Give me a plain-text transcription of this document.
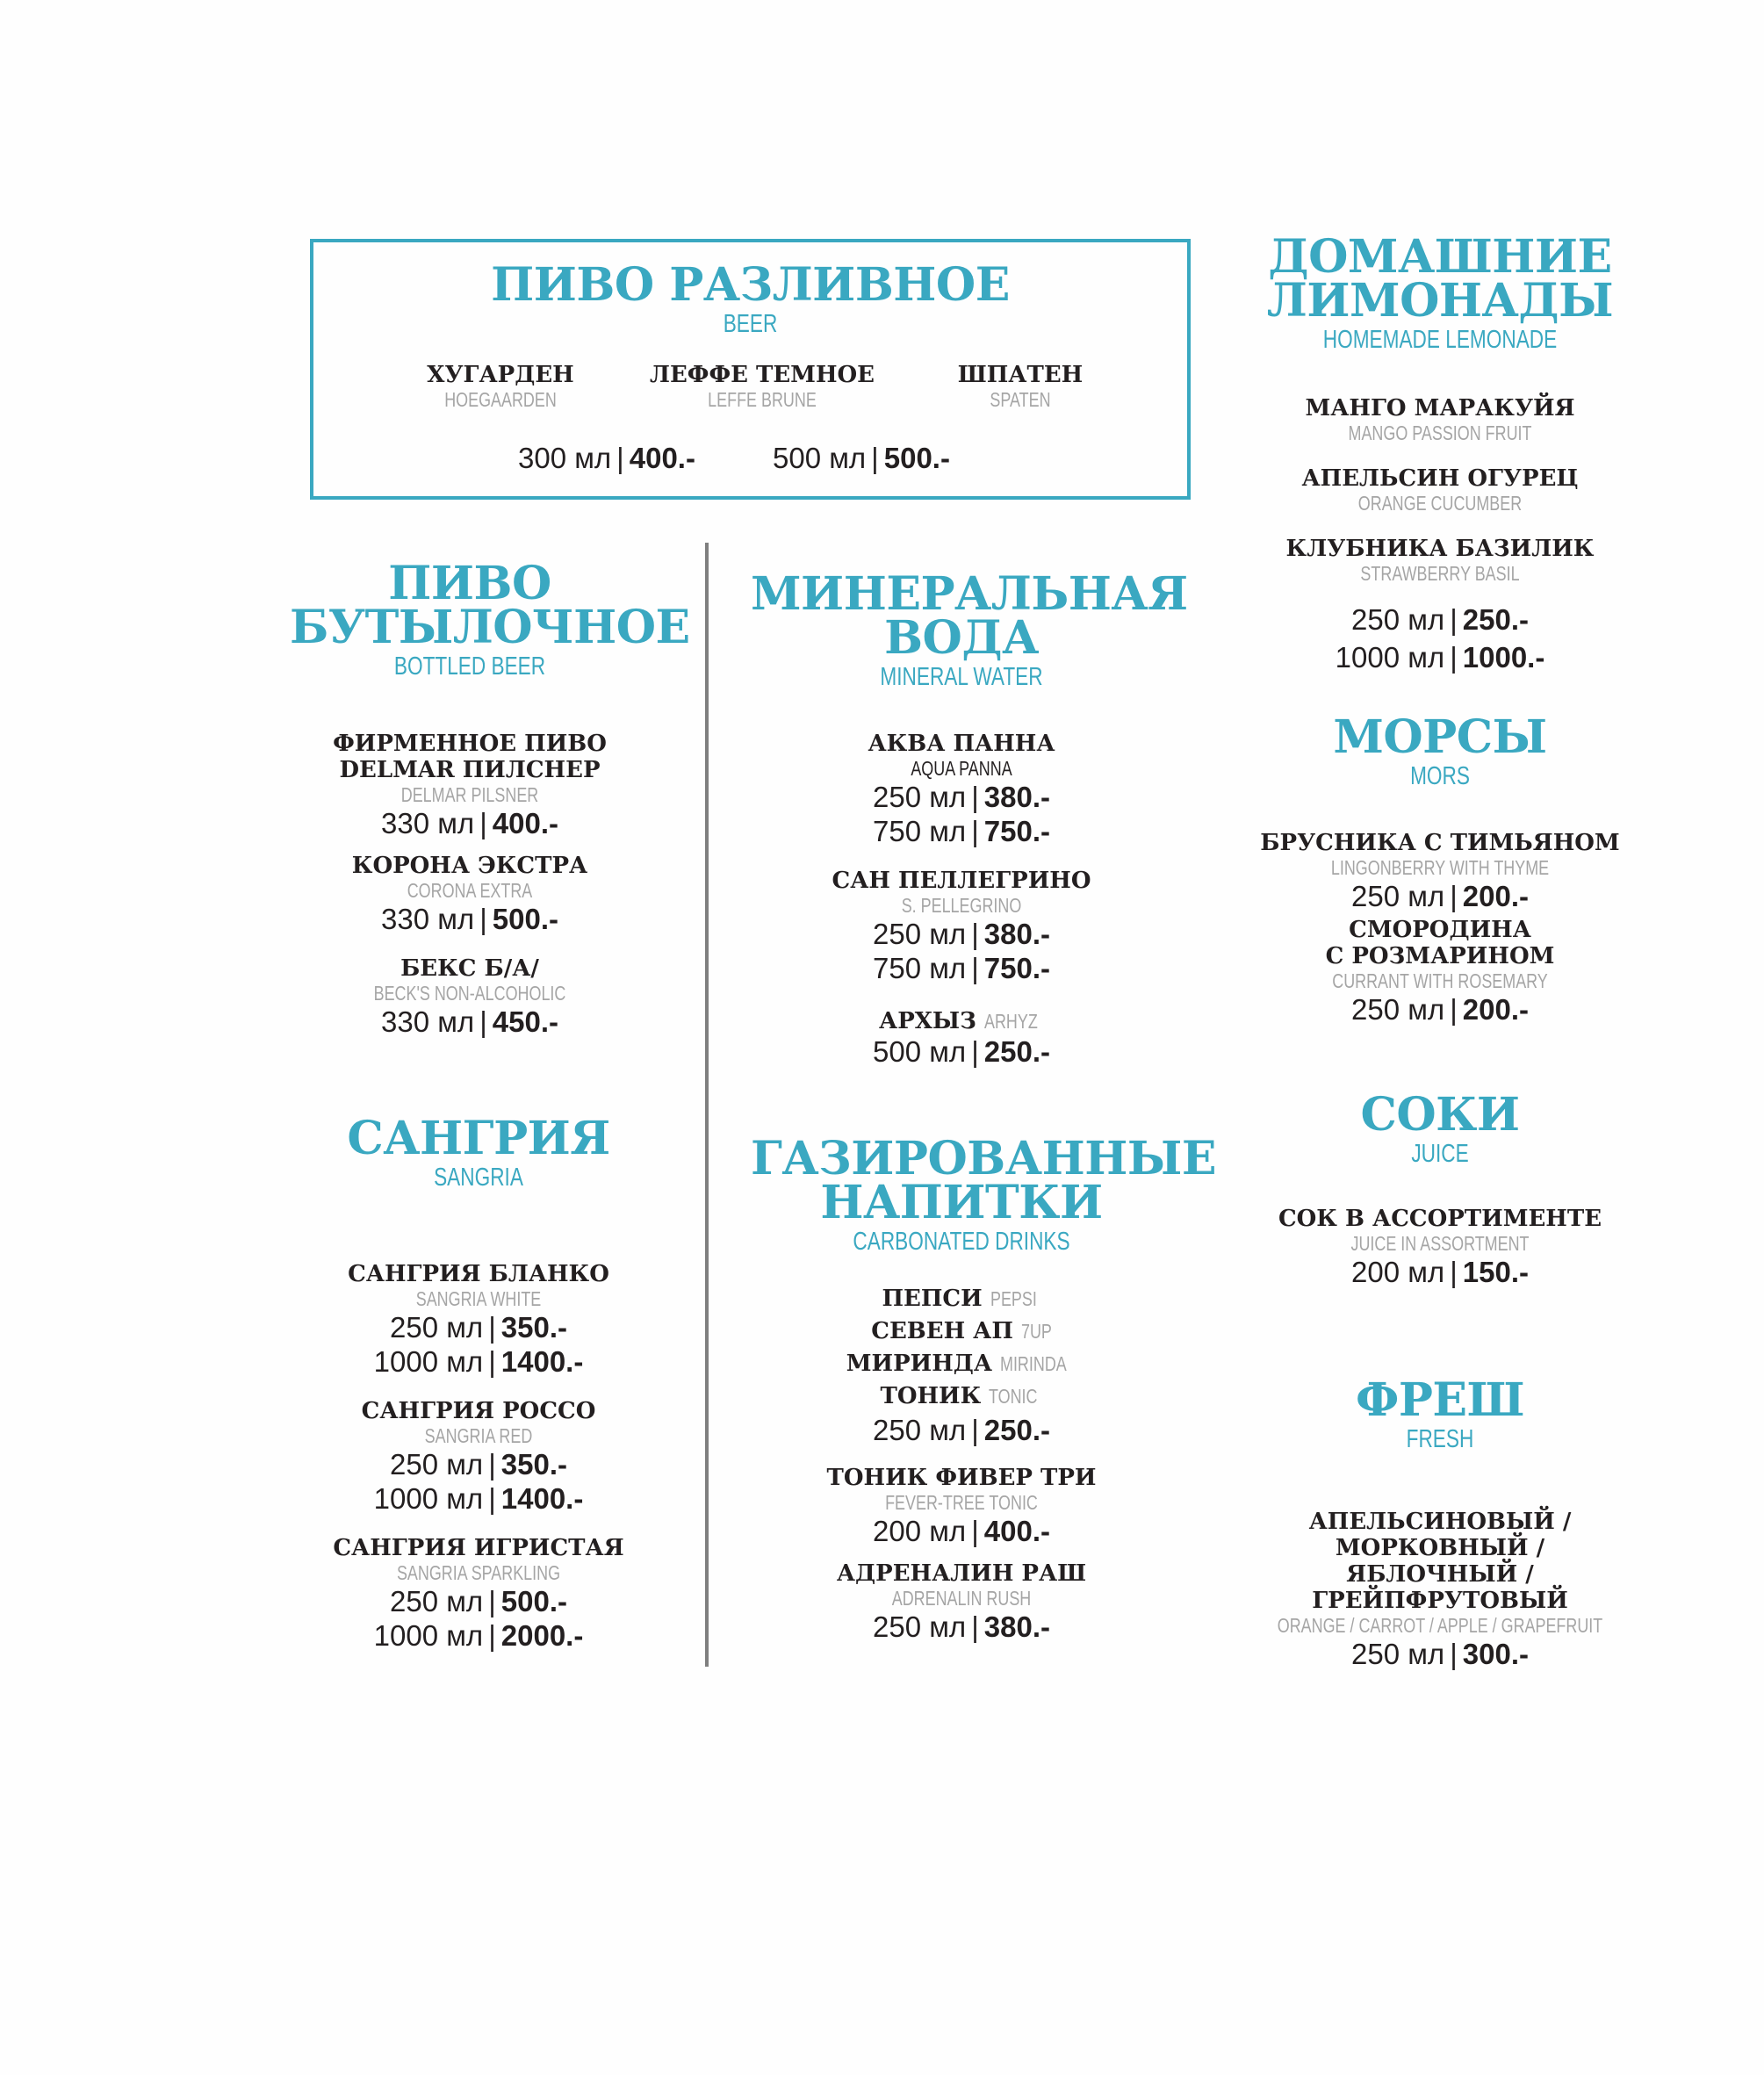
ПИВО РАЗЛИВНОЕ
BEER
ХУГАРДЕН
HOEGAARDEN
ЛЕФФЕ ТЕМНОЕ
LEFFE BRUNE
ШПАТЕН
SPATEN
300 мл | 400.-	500 мл | 500.-
ПИВО
БУТЫЛОЧНОЕ
BOTTLED BEER
ФИРМЕННОЕ ПИВО
DELMAR ПИЛСНЕР
DELMAR PILSNER
330 мл | 400.-
КОРОНА ЭКСТРА
CORONA EXTRA
330 мл | 500.-
БЕКС Б/А/
BECK'S NON-ALCOHOLIC
330 мл | 450.-
САНГРИЯ
SANGRIA
САНГРИЯ БЛАНКО
SANGRIA WHITE
250 мл | 350.-
1000 мл | 1400.-
САНГРИЯ РОССО
SANGRIA RED
250 мл | 350.-
1000 мл | 1400.-
САНГРИЯ ИГРИСТАЯ
SANGRIA SPARKLING
250 мл | 500.-
1000 мл | 2000.-
МИНЕРАЛЬНАЯ
ВОДА
MINERAL WATER
АКВА ПАННА
AQUA PANNA
250 мл | 380.-
750 мл | 750.-
САН ПЕЛЛЕГРИНО
S. PELLEGRINO
250 мл | 380.-
750 мл | 750.-
АРХЫЗ ARHYZ
500 мл | 250.-
ГАЗИРОВАННЫЕ
НАПИТКИ
CARBONATED DRINKS
ПЕПСИ PEPSI
СЕВЕН АП 7UP
МИРИНДА MIRINDA
ТОНИК TONIC
250 мл | 250.-
ТОНИК ФИВЕР ТРИ
FEVER-TREE TONIC
200 мл | 400.-
АДРЕНАЛИН РАШ
ADRENALIN RUSH
250 мл | 380.-
ДОМАШНИЕ
ЛИМОНАДЫ
HOMEMADE LEMONADE
МАНГО МАРАКУЙЯ
MANGO PASSION FRUIT
АПЕЛЬСИН ОГУРЕЦ
ORANGE CUCUMBER
КЛУБНИКА БАЗИЛИК
STRAWBERRY BASIL
250 мл | 250.-
1000 мл | 1000.-
МОРСЫ
MORS
БРУСНИКА С ТИМЬЯНОМ
LINGONBERRY WITH THYME
250 мл | 200.-
СМОРОДИНА
С РОЗМАРИНОМ
CURRANT WITH ROSEMARY
250 мл | 200.-
СОКИ
JUICE
СОК В АССОРТИМЕНТЕ
JUICE IN ASSORTMENT
200 мл | 150.-
ФРЕШ
FRESH
АПЕЛЬСИНОВЫЙ /
МОРКОВНЫЙ /
ЯБЛОЧНЫЙ /
ГРЕЙПФРУТОВЫЙ
ORANGE / CARROT / APPLE / GRAPEFRUIT
250 мл | 300.-
